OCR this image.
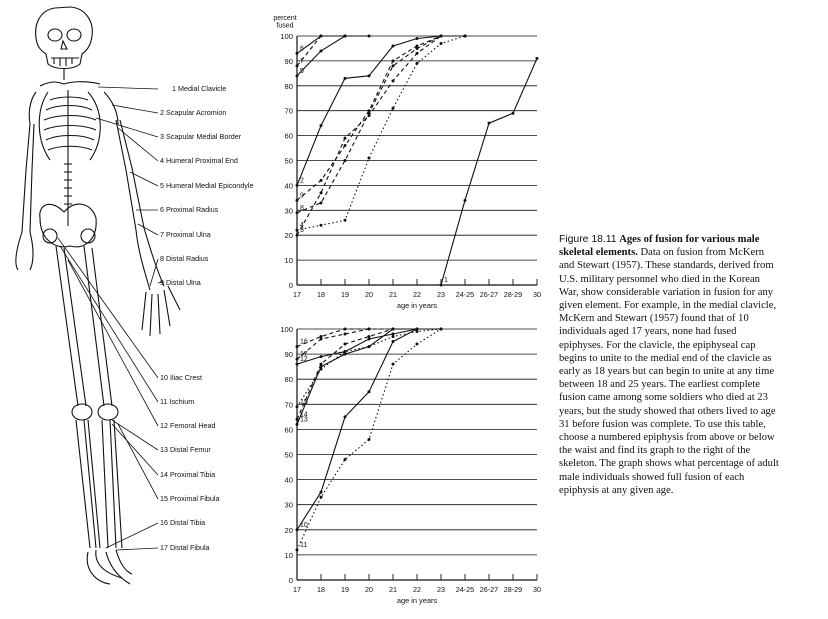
1 Medial Clavicle
2 Scapular Acromion
3 Scapular Medial Border
4 Humeral Proximal End
5 Humeral Medial Epicondyle
6 Proximal Radius
7 Proximal Ulna
8 Distal Radius
9 Distal Ulna
10 Iliac Crest
11 Ischium
12 Femoral Head
13 Distal Femur
14 Proximal Tibia
15 Proximal Fibula
16 Distal Tibia
17 Distal Fibula
0
10
20
30
40
50
60
70
80
90
100
17 18 19 20 21 22 23 24-25 26-27 28-29 30
age in years
percent
fused
1
2
3
4
5
6
7
8
9
0
10
20
30
40
50
60
70
80
90
100
17 18 19 20 21 22 23 24-25 26-27 28-29 30
age in years
10
11
12
13
14
15
16
17
Figure 18.11 Ages of fusion for various male skeletal elements. Data on fusion from McKern and Stewart (1957). These standards, derived from U.S. military personnel who died in the Korean War, show considerable variation in fusion for any given element. For example, in the medial clavicle, McKern and Stewart (1957) found that of 10 individuals aged 17 years, none had fused epiphyses. For the clavicle, the epiphyseal cap begins to unite to the medial end of the clavicle as early as 18 years but can begin to unite at any time between 18 and 25 years. The earliest complete fusion came among some soldiers who died at 23 years, but the study showed that others lived to age 31 before fusion was complete. To use this table, choose a numbered epiphysis from above or below the waist and find its graph to the right of the skeleton. The graph shows what percentage of adult male individuals showed full fusion of each epiphysis at any given age.
